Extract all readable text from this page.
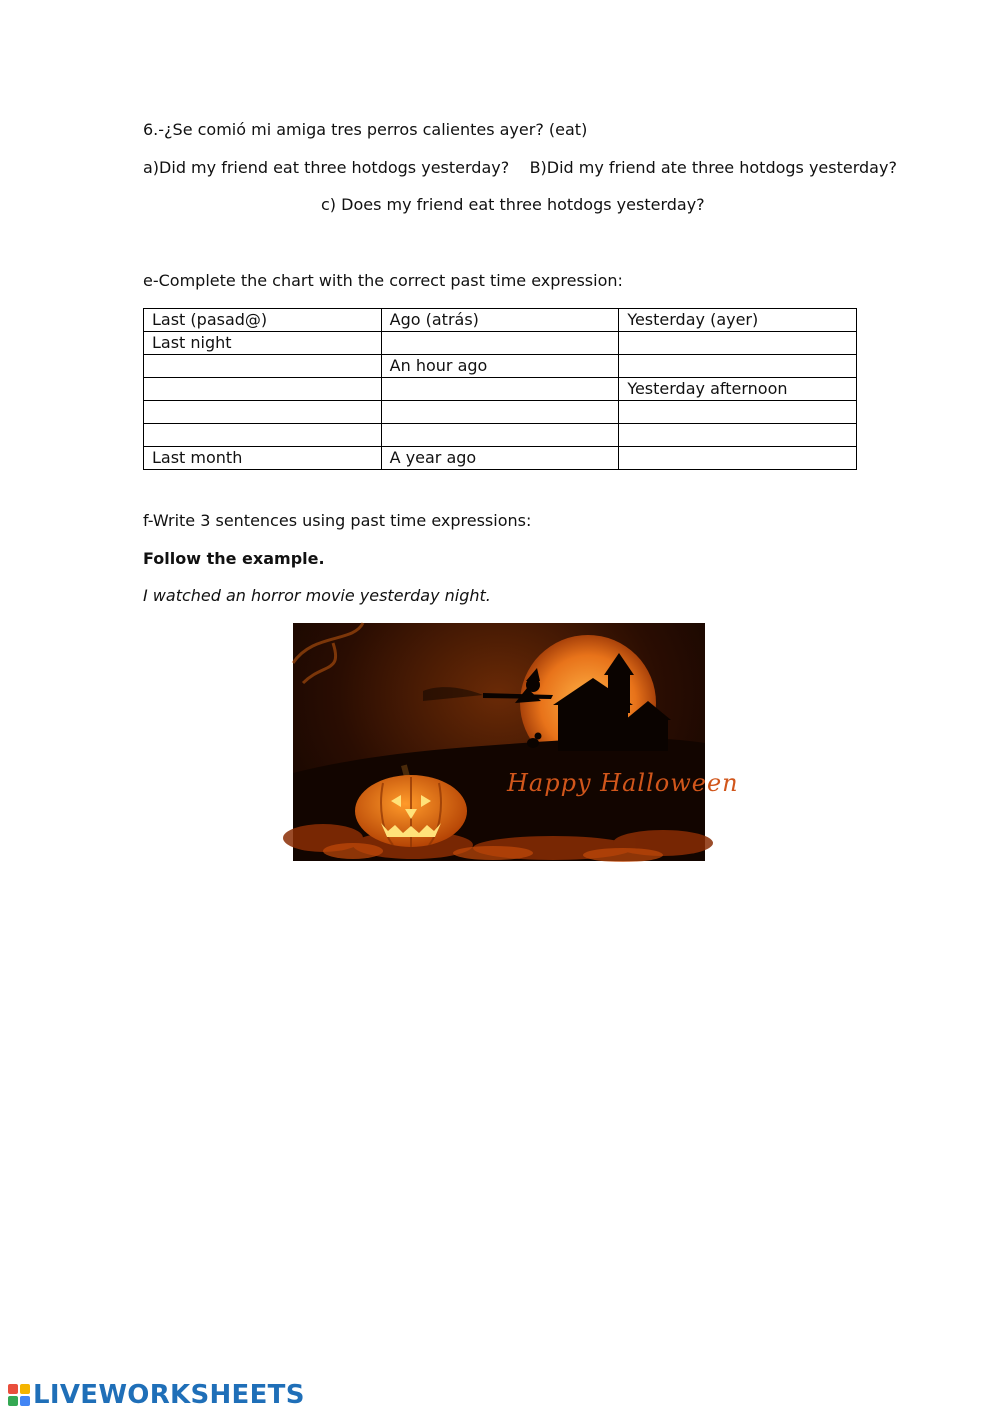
6.-¿Se comió mi amiga tres perros calientes ayer? (eat)
a)Did my friend eat three hotdogs yesterday? B)Did my friend ate three hotdogs yesterday?
c) Does my friend eat three hotdogs yesterday?
e-Complete the chart with the correct past time expression:
Last (pasad@)	Ago (atrás)	Yesterday (ayer)
Last night		
	An hour ago	
		Yesterday afternoon

Last month	A year ago	
f-Write 3 sentences using past time expressions:
Follow the example.
I watched an horror movie yesterday night.
Happy Halloween
LIVEWORKSHEETS
